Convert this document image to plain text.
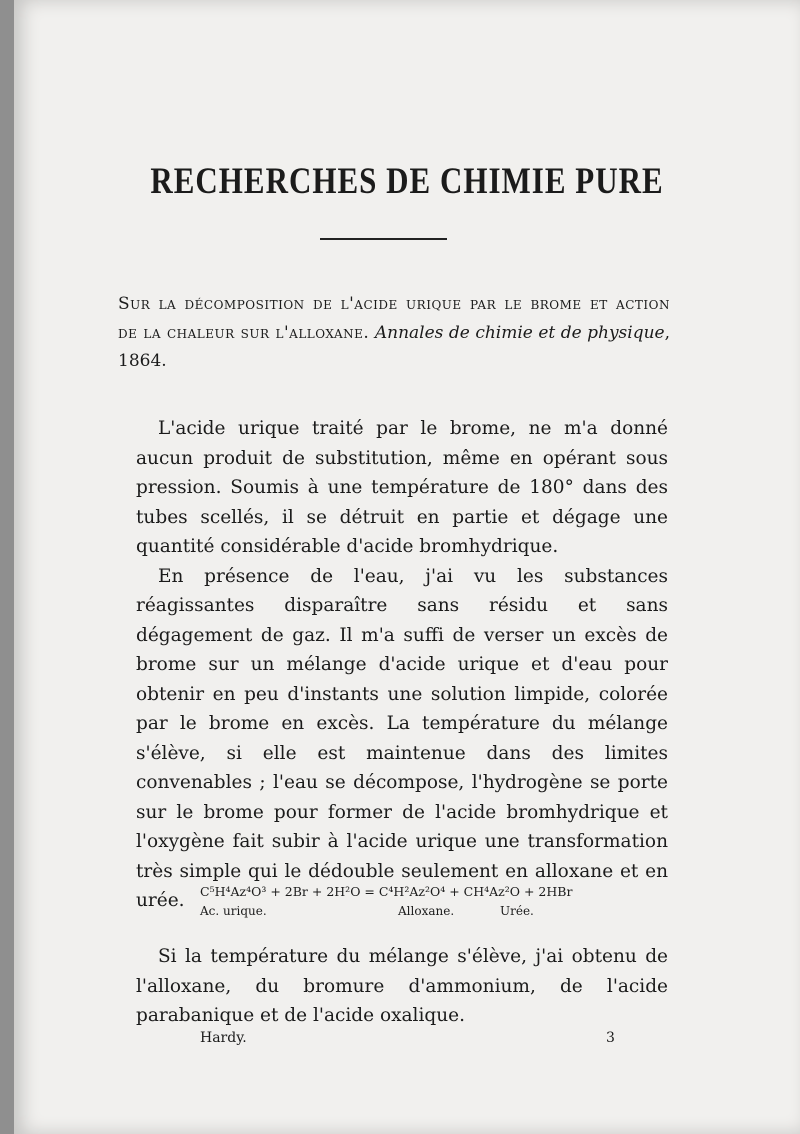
RECHERCHES DE CHIMIE PURE
Sur la décomposition de l'acide urique par le brome et action de la chaleur sur l'alloxane. Annales de chimie et de physique, 1864.

L'acide urique traité par le brome, ne m'a donné aucun produit de substitution, même en opérant sous pression. Soumis à une température de 180° dans des tubes scellés, il se détruit en partie et dégage une quantité considérable d'acide bromhydrique.

En présence de l'eau, j'ai vu les substances réagissantes disparaître sans résidu et sans dégagement de gaz. Il m'a suffi de verser un excès de brome sur un mélange d'acide urique et d'eau pour obtenir en peu d'instants une solution limpide, colorée par le brome en excès. La température du mélange s'élève, si elle est maintenue dans des limites convenables ; l'eau se décompose, l'hydrogène se porte sur le brome pour former de l'acide bromhydrique et l'oxygène fait subir à l'acide urique une transformation très simple qui le dédouble seulement en alloxane et en urée.	C⁵H⁴Az⁴O³ + 2Br + 2H²O = C⁴H²Az²O⁴ + CH⁴Az²O + 2HBr
Ac. urique.	Alloxane.	Urée.

Si la température du mélange s'élève, j'ai obtenu de l'alloxane, du bromure d'ammonium, de l'acide parabanique et de l'acide oxalique.

Hardy.	3
